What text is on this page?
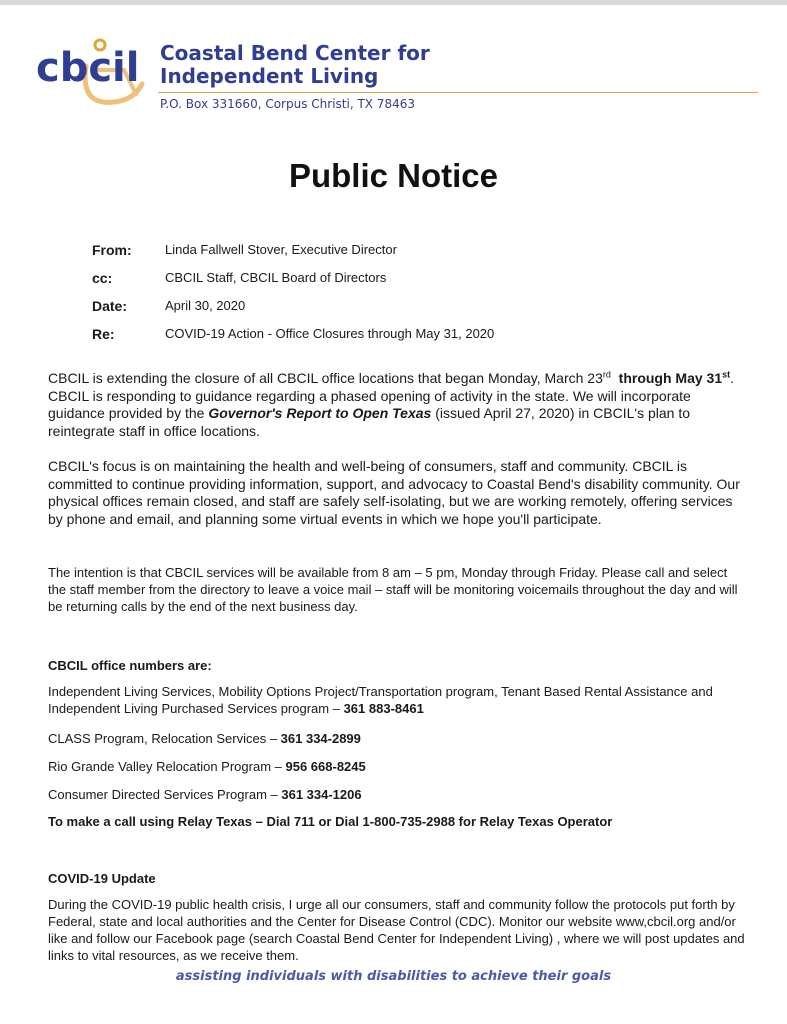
cbcil Coastal Bend Center for Independent Living
P.O. Box 331660, Corpus Christi, TX 78463
Public Notice
From:	Linda Fallwell Stover, Executive Director
cc:	CBCIL Staff, CBCIL Board of Directors
Date:	April 30, 2020
Re:	COVID-19 Action - Office Closures through May 31, 2020
CBCIL is extending the closure of all CBCIL office locations that began Monday, March 23rd through May 31st. CBCIL is responding to guidance regarding a phased opening of activity in the state. We will incorporate guidance provided by the Governor's Report to Open Texas (issued April 27, 2020) in CBCIL's plan to reintegrate staff in office locations.
CBCIL's focus is on maintaining the health and well-being of consumers, staff and community. CBCIL is committed to continue providing information, support, and advocacy to Coastal Bend's disability community. Our physical offices remain closed, and staff are safely self-isolating, but we are working remotely, offering services by phone and email, and planning some virtual events in which we hope you'll participate.
The intention is that CBCIL services will be available from 8 am – 5 pm, Monday through Friday. Please call and select the staff member from the directory to leave a voice mail – staff will be monitoring voicemails throughout the day and will be returning calls by the end of the next business day.
CBCIL office numbers are:
Independent Living Services, Mobility Options Project/Transportation program, Tenant Based Rental Assistance and Independent Living Purchased Services program – 361 883-8461
CLASS Program, Relocation Services – 361 334-2899
Rio Grande Valley Relocation Program – 956 668-8245
Consumer Directed Services Program – 361 334-1206
To make a call using Relay Texas – Dial 711 or Dial 1-800-735-2988 for Relay Texas Operator
COVID-19 Update
During the COVID-19 public health crisis, I urge all our consumers, staff and community follow the protocols put forth by Federal, state and local authorities and the Center for Disease Control (CDC). Monitor our website www,cbcil.org and/or like and follow our Facebook page (search Coastal Bend Center for Independent Living) , where we will post updates and links to vital resources, as we receive them.
assisting individuals with disabilities to achieve their goals
